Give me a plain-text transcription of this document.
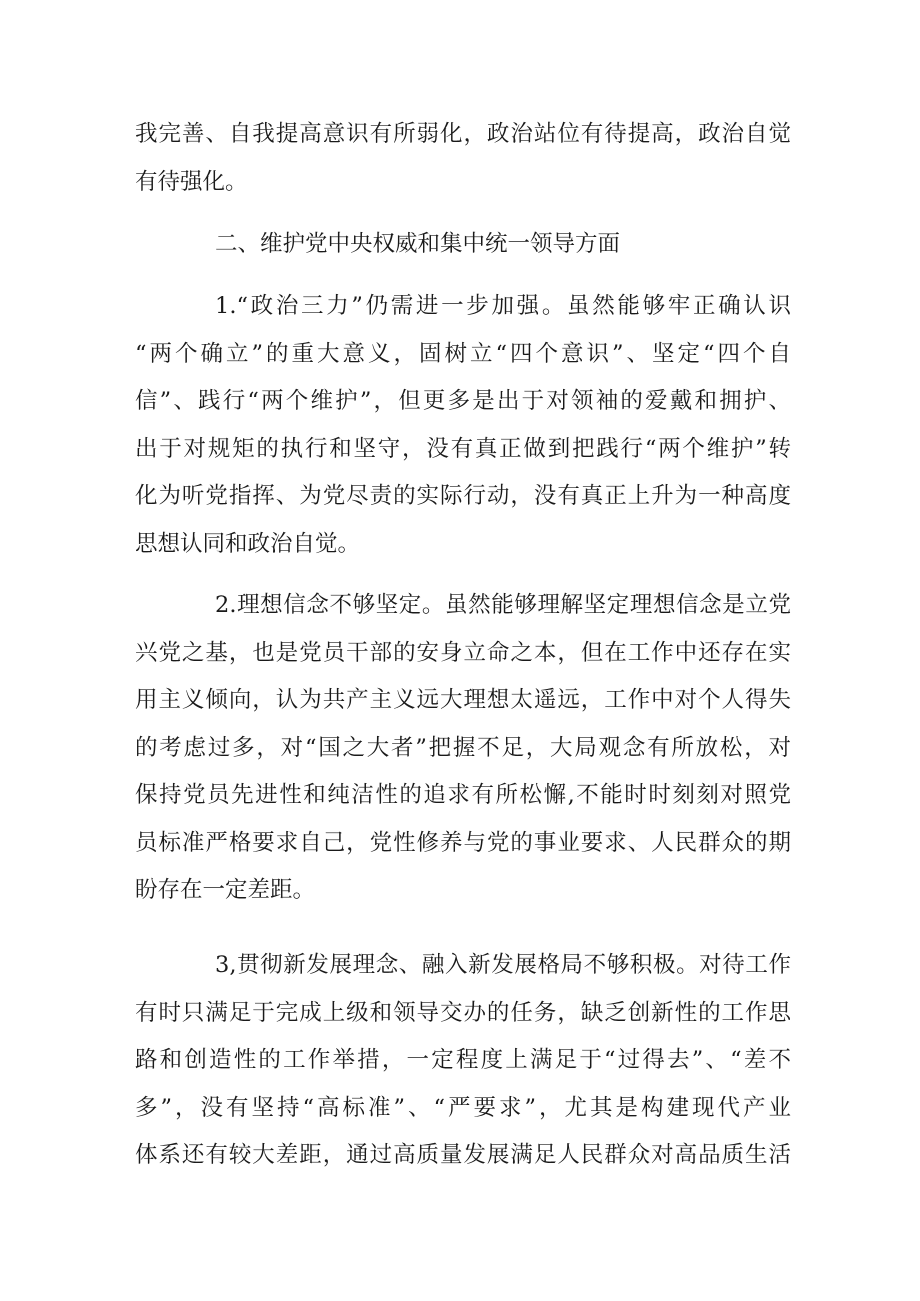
我完善、自我提高意识有所弱化，政治站位有待提高，政治自觉
有待强化。
二、维护党中央权威和集中统一领导方面
1.“政治三力”仍需进一步加强。虽然能够牢正确认识
“两个确立”的重大意义，固树立“四个意识”、坚定“四个自
信”、践行“两个维护”，但更多是出于对领袖的爱戴和拥护、
出于对规矩的执行和坚守，没有真正做到把践行“两个维护”转
化为听党指挥、为党尽责的实际行动，没有真正上升为一种高度
思想认同和政治自觉。
2.理想信念不够坚定。虽然能够理解坚定理想信念是立党
兴党之基，也是党员干部的安身立命之本，但在工作中还存在实
用主义倾向，认为共产主义远大理想太遥远，工作中对个人得失
的考虑过多，对“国之大者”把握不足，大局观念有所放松，对
保持党员先进性和纯洁性的追求有所松懈,不能时时刻刻对照党
员标准严格要求自己，党性修养与党的事业要求、人民群众的期
盼存在一定差距。
3,贯彻新发展理念、融入新发展格局不够积极。对待工作
有时只满足于完成上级和领导交办的任务，缺乏创新性的工作思
路和创造性的工作举措，一定程度上满足于“过得去”、“差不
多”，没有坚持“高标准”、“严要求”，尤其是构建现代产业
体系还有较大差距，通过高质量发展满足人民群众对高品质生活
